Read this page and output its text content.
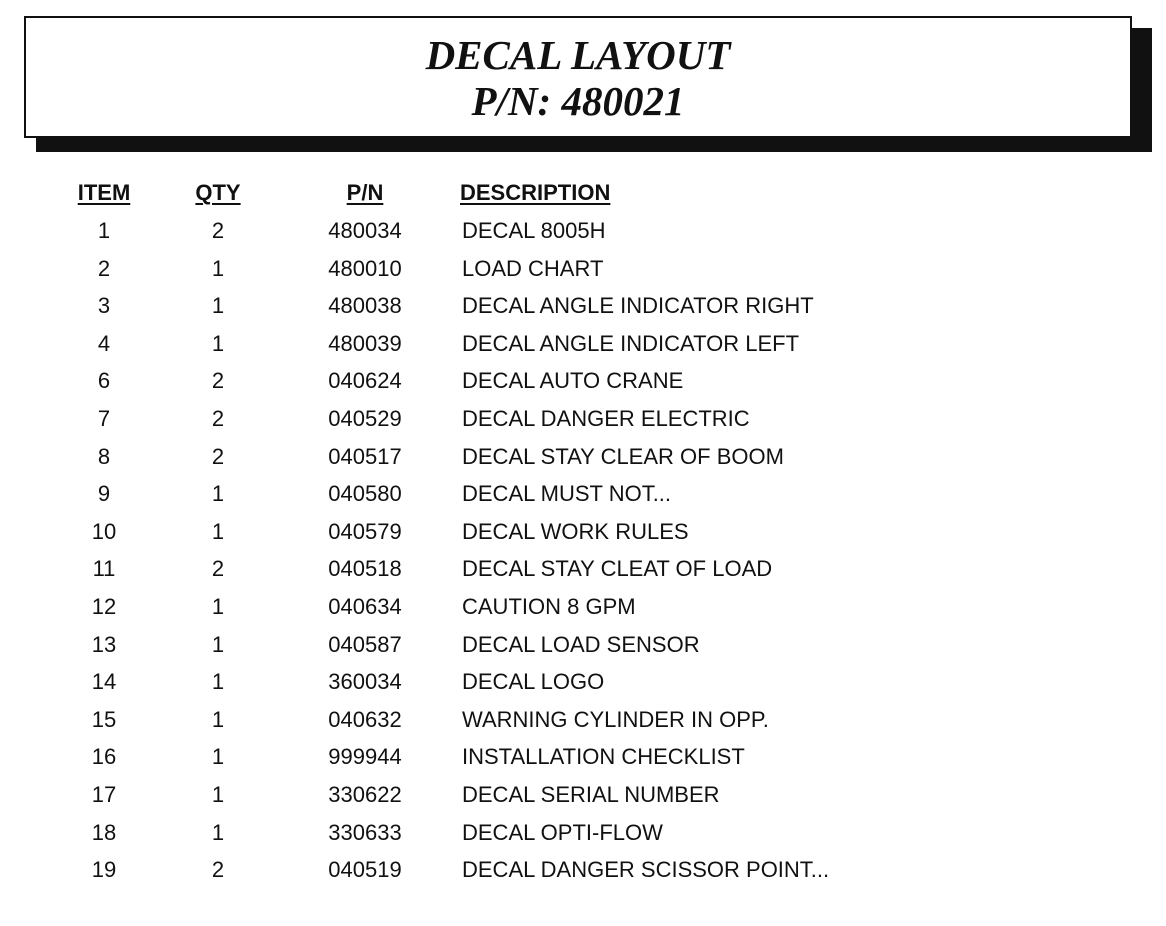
DECAL LAYOUT
P/N: 480021
ITEM	QTY	P/N	DESCRIPTION
1	2	480034	DECAL 8005H
2	1	480010	LOAD CHART
3	1	480038	DECAL ANGLE INDICATOR RIGHT
4	1	480039	DECAL ANGLE INDICATOR LEFT
6	2	040624	DECAL AUTO CRANE
7	2	040529	DECAL DANGER ELECTRIC
8	2	040517	DECAL STAY CLEAR OF BOOM
9	1	040580	DECAL MUST NOT...
10	1	040579	DECAL WORK RULES
11	2	040518	DECAL STAY CLEAT OF LOAD
12	1	040634	CAUTION 8 GPM
13	1	040587	DECAL LOAD SENSOR
14	1	360034	DECAL LOGO
15	1	040632	WARNING CYLINDER IN OPP.
16	1	999944	INSTALLATION CHECKLIST
17	1	330622	DECAL SERIAL NUMBER
18	1	330633	DECAL OPTI-FLOW
19	2	040519	DECAL DANGER SCISSOR POINT...
